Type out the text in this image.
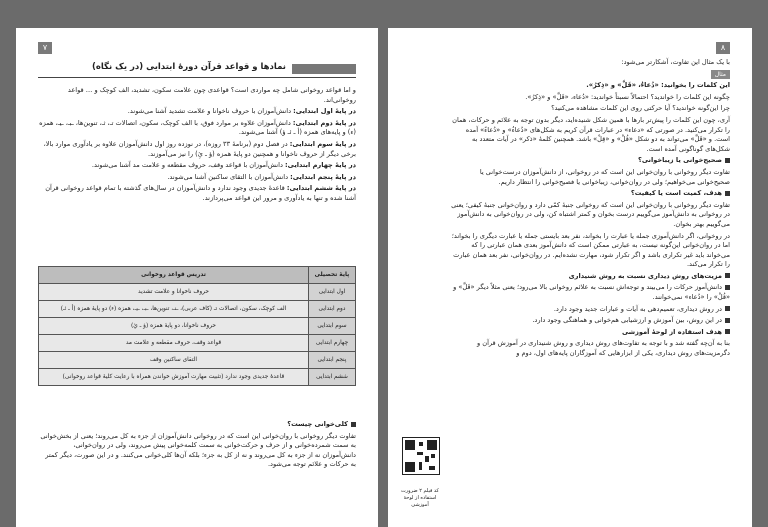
۷
نمادها و قواعد قرآن دورهٔ ابتدایی (در یک نگاه)

و اما قواعد روخوانی شامل چه مواردی است؟ قواعدی چون علامت سکون، تشدید، الف کوچک و … قواعد روخوانی‌اند.

در پایهٔ اول ابتدایی: دانش‌آموزان با حروف ناخوانا و علامت تشدید آشنا می‌شوند.

در پایهٔ دوم ابتدایی: دانش‌آموزان علاوه بر موارد فوق، با الف کوچک، سکون، اتصالات تـ، ثـ، تنوین‌ها، ـبـ، ـیـ، همزه (ء) و پایه‌های همزه (أ ـ ئـ ؤ) آشنا می‌شوند.

در پایهٔ سوم ابتدایی: در فصل دوم (برنامهٔ ۳۳ روزه)، در نوزده روز اول دانش‌آموزان علاوه بر یادآوری موارد بالا، برخی دیگر از حروف ناخوانا و همچنین دو پایهٔ همزه (ؤ ـ ئِ) را نیز می‌آموزند.

در پایهٔ چهارم ابتدایی: دانش‌آموزان با قواعد وقف، حروف مقطعه و علامت مد آشنا می‌شوند.

در پایهٔ پنجم ابتدایی: دانش‌آموزان با التقای ساکنین آشنا می‌شوند.

در پایهٔ ششم ابتدایی: قاعدهٔ جدیدی وجود ندارد و دانش‌آموزان در سال‌های گذشته با تمام قواعد روخوانی قرآن آشنا شده و تنها به یادآوری و مرور این قواعد می‌پردازند.

پایهٔ تحصیلی	تدریس قواعد روخوانی
اول ابتدایی	حروف ناخوانا و علامت تشدید
دوم ابتدایی	الف کوچک، سکون، اتصالات تـ (کاف عربی)، ـنـ، تنوین‌ها، ـبـ، ـیـ، همزه (ء) دو پایهٔ همزه (أ ـ ئـ)
سوم ابتدایی	حروف ناخوانا، دو پایهٔ همزه (ؤ ـ ئِ)
چهارم ابتدایی	قواعد وقف، حروف مقطعه و علامت مد
پنجم ابتدایی	التقای ساکنین وقف
ششم ابتدایی	قاعدهٔ جدیدی وجود ندارد (تثبیت مهارت آموزش خواندن همراه با رعایت کلیهٔ قواعد روخوانی)

کلی‌خوانی چیست؟

تفاوت دیگر روخوانی با روان‌خوانی این است که در روخوانی دانش‌آموزان از جزء به کل می‌روند؛ یعنی از بخش‌خوانی به سمت شمرده‌خوانی و از حرف و حرکت‌خوانی به سمت کلمه‌خوانی پیش می‌روند، ولی در روان‌خوانی، دانش‌آموزان نه از جزء به کل می‌روند و نه از کل به جزء؛ بلکه آن‌ها کلی‌خوانی می‌کنند. و در این صورت، دیگر کمتر به حرکات و علائم توجه می‌شود.

۸

با یک مثال این تفاوت، آشکارتر می‌شود:

مثال

این کلمات را بخوانید: «دُعاءُ، «قَلَّ» و «ذِکرُ».

چگونه این کلمات را خواندید؟ احتمالاً نسبتاً خواندید: «دُعاء، «قَلَّ» و «ذِکرُ».

چرا این‌گونه خواندید؟ آیا حرکتی روی این کلمات مشاهده می‌کنید؟

آری، چون این کلمات را پیش‌تر بارها با همین شکل شنیده‌اید، دیگر بدون توجه به علائم و حرکات، همان را تکرار می‌کنید. در صورتی که «دعاء» در عبارات قرآن کریم به شکل‌های «دُعاءُ» و «دُعاءً» آمده است. و «قَلَّ» می‌تواند به دو شکل «قُلْ» و «قِلْ» باشد. همچنین کلمهٔ «ذکر» در آیات متعدد به شکل‌های گوناگونی آمده است.

صحیح‌خوانی یا زیباخوانی؟

تفاوت دیگر روخوانی با روان‌خوانی این است که در روخوانی، از دانش‌آموزان درست‌خوانی یا صحیح‌خوانی می‌خواهیم؛ ولی در روان‌خوانی، زیباخوانی یا فصیح‌خوانی را انتظار داریم.

هدف، کمیت است یا کیفیت؟

تفاوت دیگر روخوانی با روان‌خوانی این است که روخوانی جنبهٔ کمّی دارد و روان‌خوانی جنبهٔ کیفی؛ یعنی در روخوانی به دانش‌آموز می‌گوییم درست بخوان و کمتر اشتباه کن، ولی در روان‌خوانی به دانش‌آموز می‌گوییم بهتر بخوان.

در روخوانی، اگر دانش‌آموزی جمله یا عبارت را بخواند، نفر بعد بایستی جمله یا عبارت دیگری را بخواند؛ اما در روان‌خوانی این‌گونه نیست، به عبارتی ممکن است که دانش‌آموز بعدی همان عبارتی را که می‌خواند باید غیر تکراری باشد و اگر تکرار شود، مهارت نشده‌ایم. در روان‌خوانی، نفر بعد همان عبارت را تکرار می‌کند.

مزیت‌های روش دیداری نسبت به روش شنیداری

دانش‌آموز حرکات را می‌بیند و توجه‌اش نسبت به علائم روخوانی بالا می‌رود؛ یعنی مثلاً دیگر «قَلَّ» و «قُلْ» را «دُعاء» نمی‌خوانند.

در روش دیداری، تعمیم‌دهی به آیات و عبارات جدید وجود دارد.

در این روش، بین آموزش و ارزشیابی هم‌خوانی و هماهنگی وجود دارد.

هدف استفاده از لوحهٔ آموزشی

بنا به آن‌چه گفته شد و با توجه به تفاوت‌های روش دیداری و روش شنیداری در آموزش قرآن و دگرمزیت‌های روش دیداری، یکی از ابزارهایی که آموزگاران پایه‌های اول، دوم و

کد فیلم ۲ ضرورت استفاده از لوحهٔ آموزشی
